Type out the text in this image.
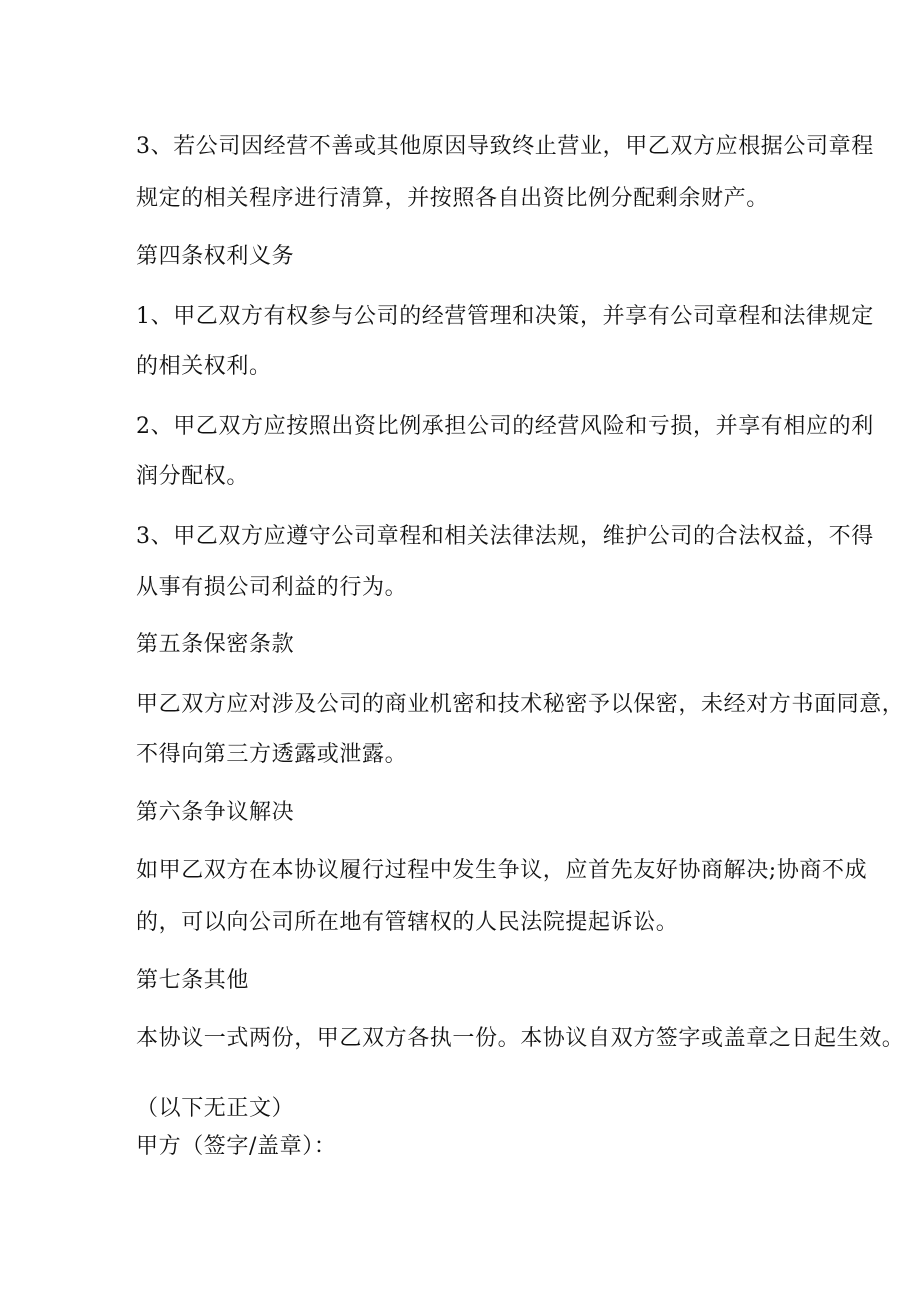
3、若公司因经营不善或其他原因导致终止营业，甲乙双方应根据公司章程
规定的相关程序进行清算，并按照各自出资比例分配剩余财产。
第四条权利义务
1、甲乙双方有权参与公司的经营管理和决策，并享有公司章程和法律规定
的相关权利。
2、甲乙双方应按照出资比例承担公司的经营风险和亏损，并享有相应的利
润分配权。
3、甲乙双方应遵守公司章程和相关法律法规，维护公司的合法权益，不得
从事有损公司利益的行为。
第五条保密条款
甲乙双方应对涉及公司的商业机密和技术秘密予以保密，未经对方书面同意，
不得向第三方透露或泄露。
第六条争议解决
如甲乙双方在本协议履行过程中发生争议，应首先友好协商解决;协商不成
的，可以向公司所在地有管辖权的人民法院提起诉讼。
第七条其他
本协议一式两份，甲乙双方各执一份。本协议自双方签字或盖章之日起生效。
（以下无正文）
甲方（签字/盖章）：
